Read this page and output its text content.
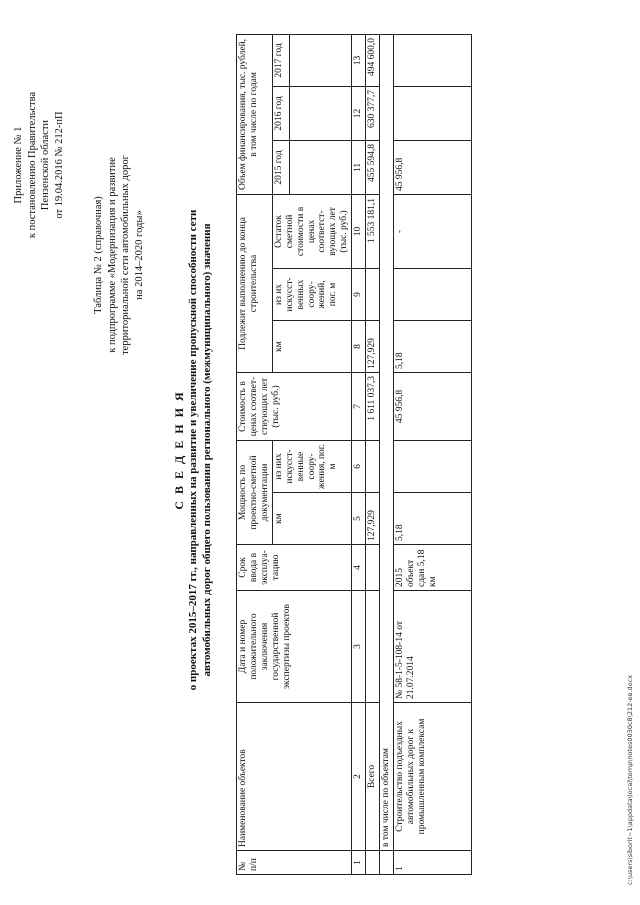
Приложение № 1 к постановлению Правительства Пензенской области от 19.04.2016 № 212-пП
Таблица № 2 (справочная) к подпрограмме «Модернизация и развитие территориальной сети автомобильных дорог на 2014–2020 годы»
С В Е Д Е Н И Я о проектах 2015–2017 гг., направленных на развитие и увеличение пропускной способности сети автомобильных дорог общего пользования регионального (межмуниципального) значения
№ п/п	Наименование объектов	Дата и номер положительного заключения государственной экспертизы проектов	Срок ввода в эксплуатацию	Мощность по проектно-сметной документации		Стоимость в ценах соответствующих лет (тыс. руб.)	Подлежит выполнению до конца строительства			Объем финансирования, тыс. рублей, в том числе по годам		
				км	из них искусственные сооружения, пог. м		км	из их искусственных сооружений, пог. м	Остаток сметной стоимости в ценах соответствующих лет (тыс. руб.)	2015 год	2016 год	2017 год

1	2	3	4	5	6	7	8	9	10	11	12	13
	Всего			127,929		1 611 037,3	127,929		1 553 181,1	455 594,8	630 377,7	494 600,0
	в том числе по объектам											
1	Строительство подъездных автомобильных дорог к промышленным комплексам	№ 58-1-5-108-14 от 21.07.2014	2015 объект сдан 5,18 км	5,18		45 956,8	5,18		-	45 956,8		
c:\users\siborit~1\appdata\local\temp\notes0030c8\212-ев.docx
